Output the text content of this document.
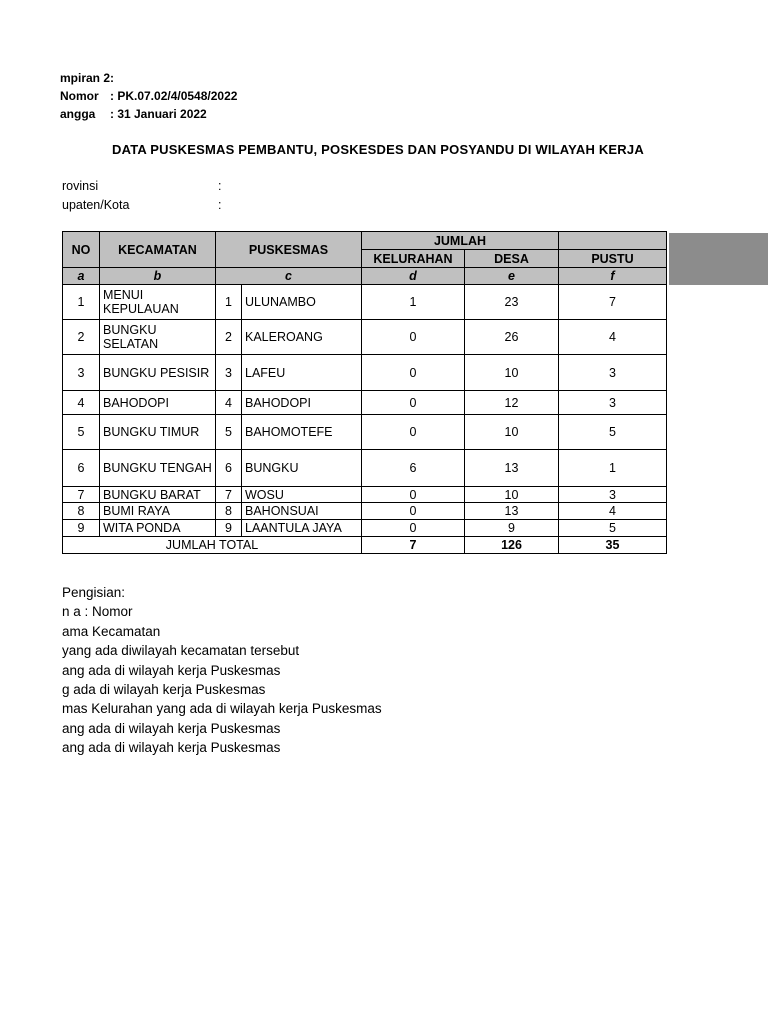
mpiran 2:
Nomor : PK.07.02/4/0548/2022
angga : 31 Januari 2022
DATA PUSKESMAS PEMBANTU, POSKESDES DAN POSYANDU DI WILAYAH KERJA
rovinsi	:
upaten/Kota	:
NO	KECAMATAN	PUSKESMAS		JUMLAH		
				KELURAHAN	DESA	PUSTU
a	b	c		d	e	f
1	MENUI KEPULAUAN	1	ULUNAMBO	1	23	7
2	BUNGKU SELATAN	2	KALEROANG	0	26	4
3	BUNGKU PESISIR	3	LAFEU	0	10	3
4	BAHODOPI	4	BAHODOPI	0	12	3
5	BUNGKU TIMUR	5	BAHOMOTEFE	0	10	5
6	BUNGKU TENGAH	6	BUNGKU	6	13	1
7	BUNGKU BARAT	7	WOSU	0	10	3
8	BUMI RAYA	8	BAHONSUAI	0	13	4
9	WITA PONDA	9	LAANTULA JAYA	0	9	5
JUMLAH TOTAL				7	126	35
Pengisian:
n a : Nomor
ama Kecamatan
yang ada diwilayah kecamatan tersebut
ang ada di wilayah kerja Puskesmas
g ada di wilayah kerja Puskesmas
mas Kelurahan yang ada di wilayah kerja Puskesmas
ang ada di wilayah kerja Puskesmas
ang ada di wilayah kerja Puskesmas
